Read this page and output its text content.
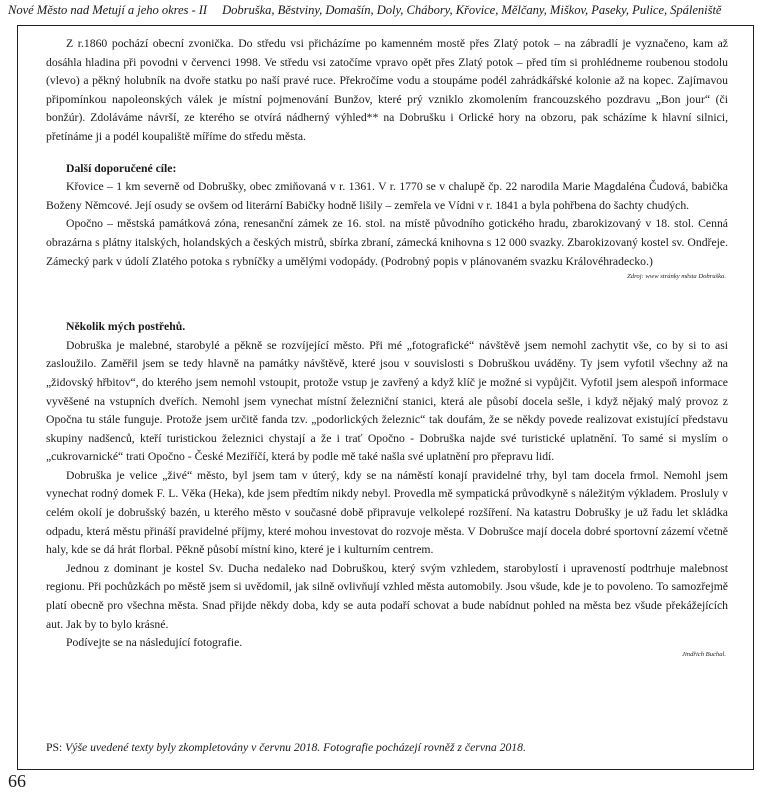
Nové Město nad Metují a jeho okres - II Dobruška, Běstviny, Domašín, Doly, Chábory, Křovice, Mělčany, Miškov, Paseky, Pulice, Spáleniště

Z r.1860 pochází obecní zvonička. Do středu vsi přicházíme po kamenném mostě přes Zlatý potok – na zábradlí je vyznačeno, kam až dosáhla hladina při povodni v červenci 1998. Ve středu vsi zatočíme vpravo opět přes Zlatý potok – před tím si prohlédneme roubenou stodolu (vlevo) a pěkný holubník na dvoře statku po naší pravé ruce. Překročíme vodu a stoupáme podél zahrádkářské kolonie až na kopec. Zajímavou připomínkou napoleonských válek je místní pojmenování Bunžov, které prý vzniklo zkomolením francouzského pozdravu „Bon jour“ (či bonžúr). Zdoláváme návrší, ze kterého se otvírá nádherný výhled** na Dobrušku i Orlické hory na obzoru, pak scházíme k hlavní silnici, přetínáme ji a podél koupaliště míříme do středu města.

Další doporučené cíle:

Křovice – 1 km severně od Dobrušky, obec zmiňovaná v r. 1361. V r. 1770 se v chalupě čp. 22 narodila Marie Magdaléna Čudová, babička Boženy Němcové. Její osudy se ovšem od literární Babičky hodně lišily – zemřela ve Vídni v r. 1841 a byla pohřbena do šachty chudých.

Opočno – městská památková zóna, renesanční zámek ze 16. stol. na místě původního gotického hradu, zbarokizovaný v 18. stol. Cenná obrazárna s plátny italských, holandských a českých mistrů, sbírka zbraní, zámecká knihovna s 12 000 svazky. Zbarokizovaný kostel sv. Ondřeje. Zámecký park v údolí Zlatého potoka s rybníčky a umělými vodopády. (Podrobný popis v plánovaném svazku Královéhradecko.)

Zdroj: www stránky města Dobruška.

Několik mých postřehů.

Dobruška je malebné, starobylé a pěkně se rozvíjející město. Při mé „fotografické“ návštěvě jsem nemohl zachytit vše, co by si to asi zasloužilo. Zaměřil jsem se tedy hlavně na památky návštěvě, které jsou v souvislosti s Dobruškou uváděny. Ty jsem vyfotil všechny až na „židovský hřbitov“, do kterého jsem nemohl vstoupit, protože vstup je zavřený a když klíč je možné si vypůjčit. Vyfotil jsem alespoň informace vyvěšené na vstupních dveřích. Nemohl jsem vynechat místní železniční stanici, která ale působí docela sešle, i když nějaký malý provoz z Opočna tu stále funguje. Protože jsem určitě fanda tzv. „podorlických železnic“ tak doufám, že se někdy povede realizovat existující představu skupiny nadšenců, kteří turistickou železnici chystají a že i trať Opočno - Dobruška najde své turistické uplatnění. To samé si myslím o „cukrovarnické“ trati Opočno - České Meziříčí, která by podle mě také našla své uplatnění pro přepravu lidí.

Dobruška je velice „živé“ město, byl jsem tam v úterý, kdy se na náměstí konají pravidelné trhy, byl tam docela frmol. Nemohl jsem vynechat rodný domek F. L. Věka (Heka), kde jsem předtím nikdy nebyl. Provedla mě sympatická průvodkyně s náležitým výkladem. Prosluly v celém okolí je dobrušský bazén, u kterého město v současné době připravuje velkolepé rozšíření. Na katastru Dobrušky je už řadu let skládka odpadu, která městu přináší pravidelné příjmy, které mohou investovat do rozvoje města. V Dobrušce mají docela dobré sportovní zázemí včetně haly, kde se dá hrát florbal. Pěkně působí místní kino, které je i kulturním centrem.

Jednou z dominant je kostel Sv. Ducha nedaleko nad Dobruškou, který svým vzhledem, starobylostí i upraveností podtrhuje malebnost regionu. Při pochůzkách po městě jsem si uvědomil, jak silně ovlivňují vzhled města automobily. Jsou všude, kde je to povoleno. To samozřejmě platí obecně pro všechna města. Snad přijde někdy doba, kdy se auta podaří schovat a bude nabídnut pohled na města bez všude překážejících aut. Jak by to bylo krásné.

Podívejte se na následující fotografie.

Jindřich Buchal.
PS: Výše uvedené texty byly zkompletovány v červnu 2018. Fotografie pocházejí rovněž z června 2018.
66
